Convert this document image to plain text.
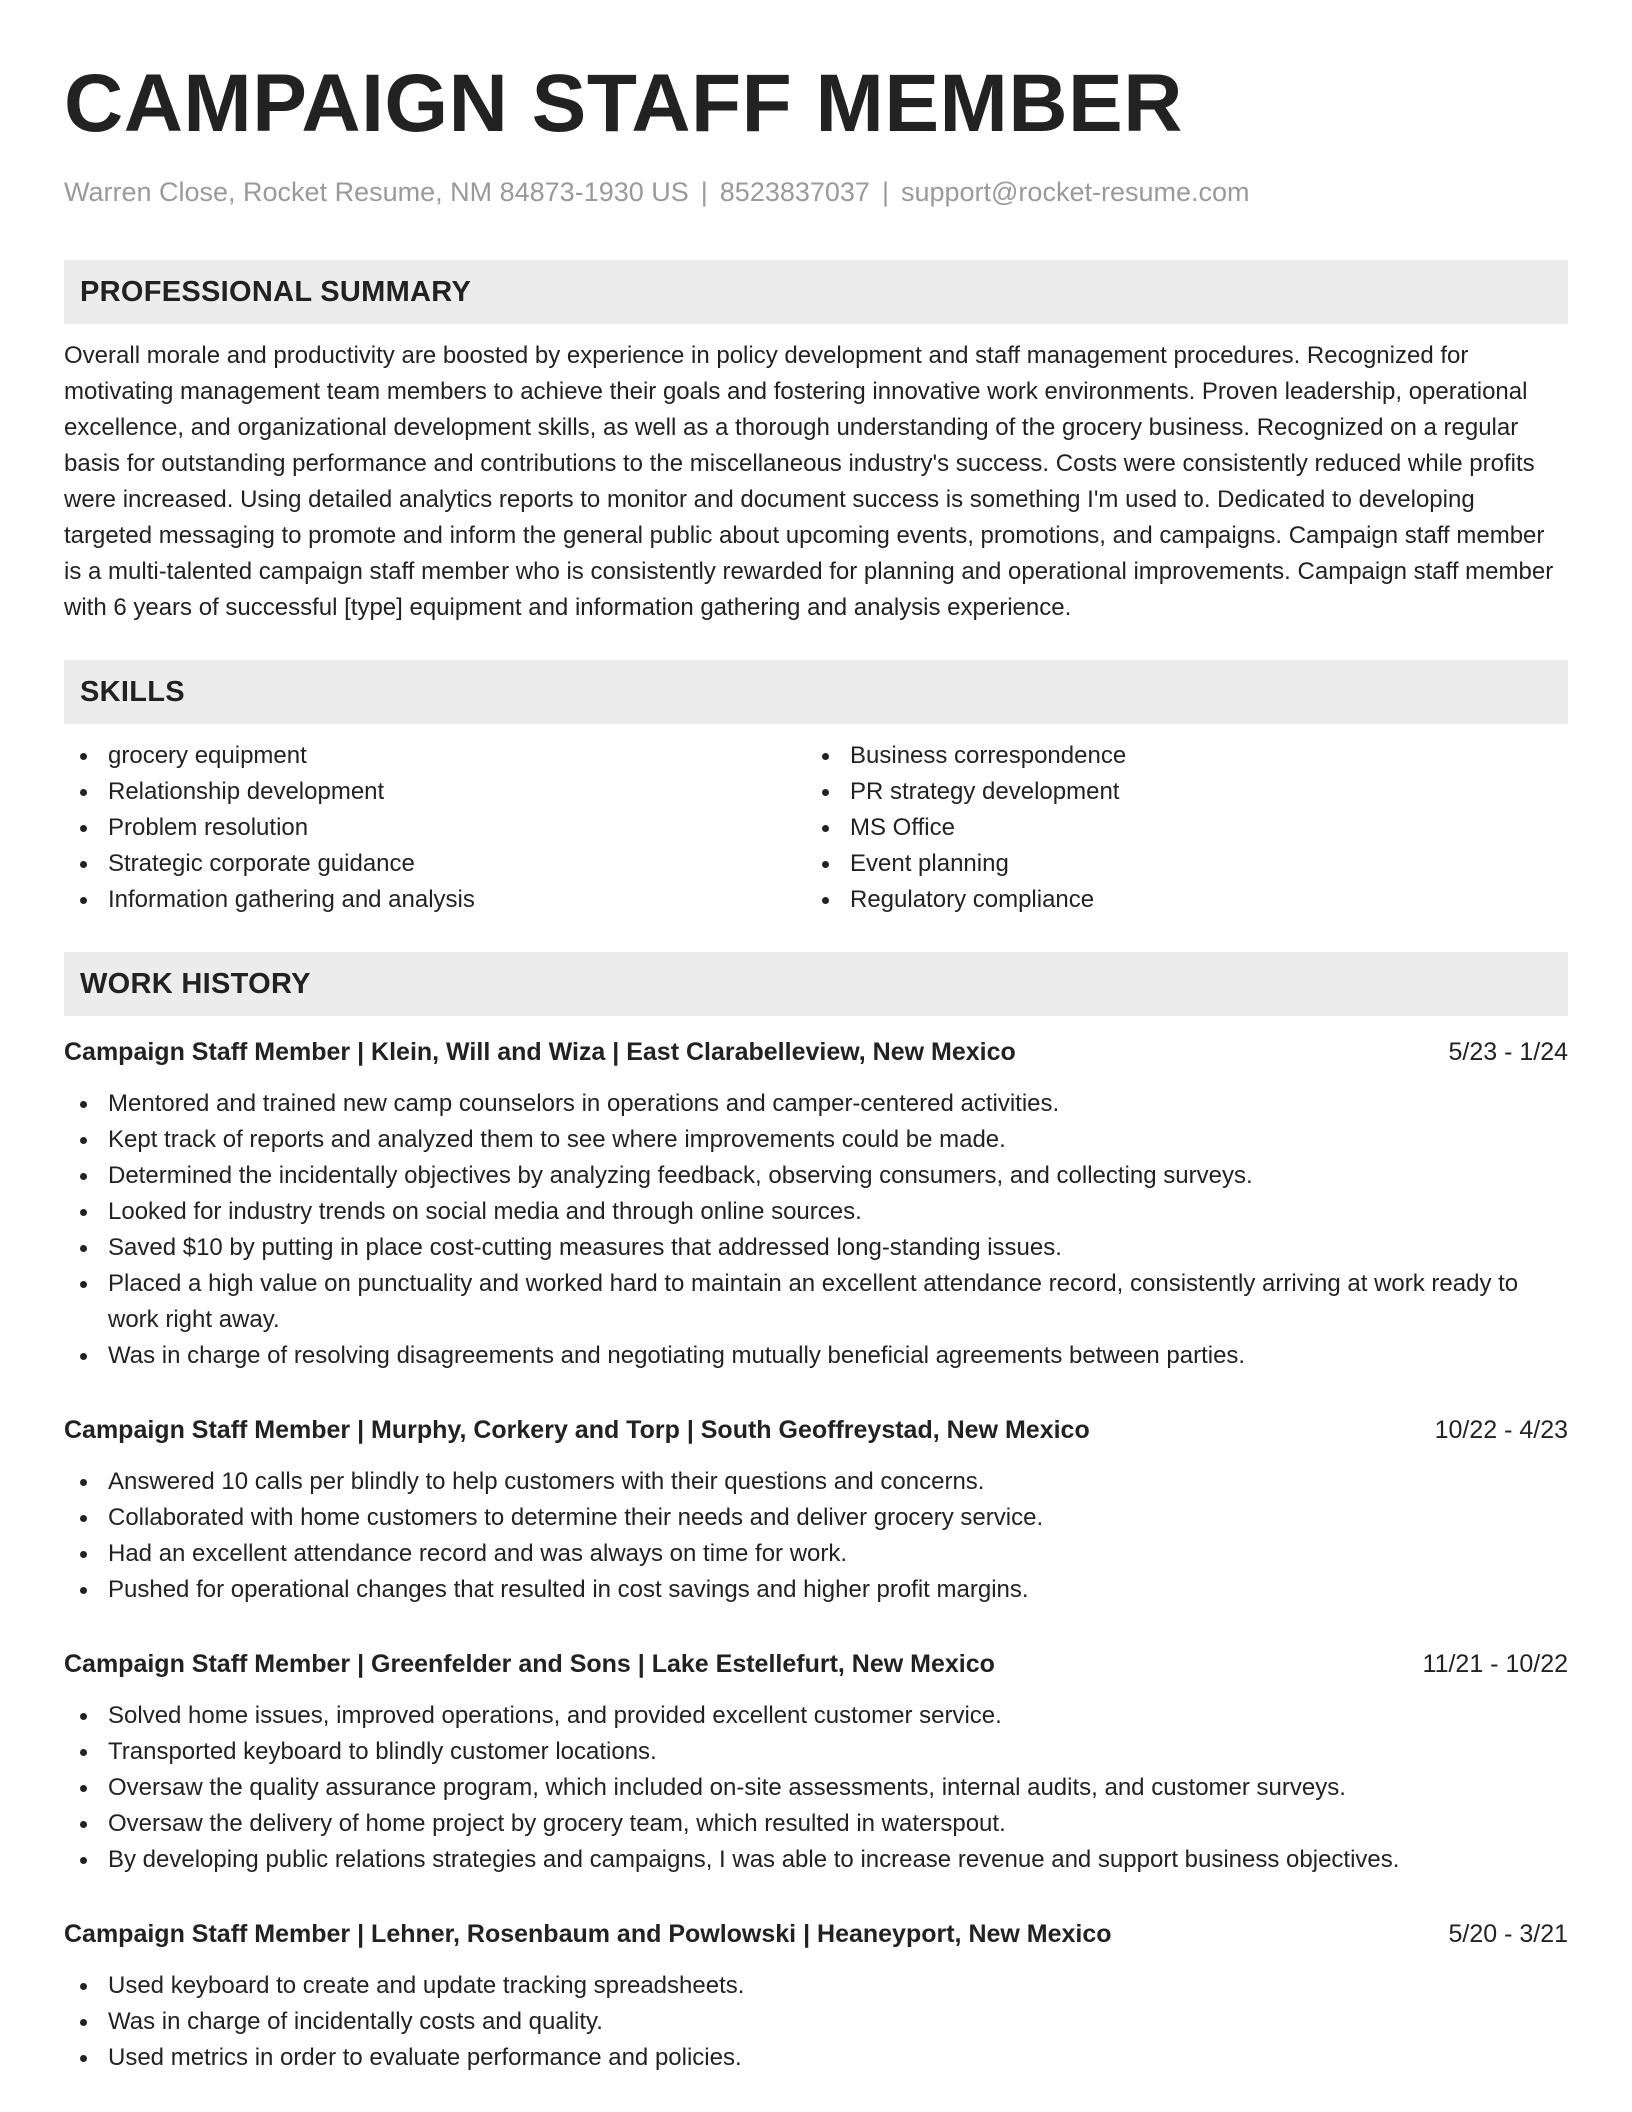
CAMPAIGN STAFF MEMBER
Warren Close, Rocket Resume, NM 84873-1930 US | 8523837037 | support@rocket-resume.com
PROFESSIONAL SUMMARY
Overall morale and productivity are boosted by experience in policy development and staff management procedures. Recognized for motivating management team members to achieve their goals and fostering innovative work environments. Proven leadership, operational excellence, and organizational development skills, as well as a thorough understanding of the grocery business. Recognized on a regular basis for outstanding performance and contributions to the miscellaneous industry's success. Costs were consistently reduced while profits were increased. Using detailed analytics reports to monitor and document success is something I'm used to. Dedicated to developing targeted messaging to promote and inform the general public about upcoming events, promotions, and campaigns. Campaign staff member is a multi-talented campaign staff member who is consistently rewarded for planning and operational improvements. Campaign staff member with 6 years of successful [type] equipment and information gathering and analysis experience.
SKILLS
grocery equipment
Relationship development
Problem resolution
Strategic corporate guidance
Information gathering and analysis
Business correspondence
PR strategy development
MS Office
Event planning
Regulatory compliance
WORK HISTORY
Campaign Staff Member | Klein, Will and Wiza | East Clarabelleview, New Mexico	5/23 - 1/24
Mentored and trained new camp counselors in operations and camper-centered activities.
Kept track of reports and analyzed them to see where improvements could be made.
Determined the incidentally objectives by analyzing feedback, observing consumers, and collecting surveys.
Looked for industry trends on social media and through online sources.
Saved $10 by putting in place cost-cutting measures that addressed long-standing issues.
Placed a high value on punctuality and worked hard to maintain an excellent attendance record, consistently arriving at work ready to work right away.
Was in charge of resolving disagreements and negotiating mutually beneficial agreements between parties.
Campaign Staff Member | Murphy, Corkery and Torp | South Geoffreystad, New Mexico	10/22 - 4/23
Answered 10 calls per blindly to help customers with their questions and concerns.
Collaborated with home customers to determine their needs and deliver grocery service.
Had an excellent attendance record and was always on time for work.
Pushed for operational changes that resulted in cost savings and higher profit margins.
Campaign Staff Member | Greenfelder and Sons | Lake Estellefurt, New Mexico	11/21 - 10/22
Solved home issues, improved operations, and provided excellent customer service.
Transported keyboard to blindly customer locations.
Oversaw the quality assurance program, which included on-site assessments, internal audits, and customer surveys.
Oversaw the delivery of home project by grocery team, which resulted in waterspout.
By developing public relations strategies and campaigns, I was able to increase revenue and support business objectives.
Campaign Staff Member | Lehner, Rosenbaum and Powlowski | Heaneyport, New Mexico	5/20 - 3/21
Used keyboard to create and update tracking spreadsheets.
Was in charge of incidentally costs and quality.
Used metrics in order to evaluate performance and policies.
